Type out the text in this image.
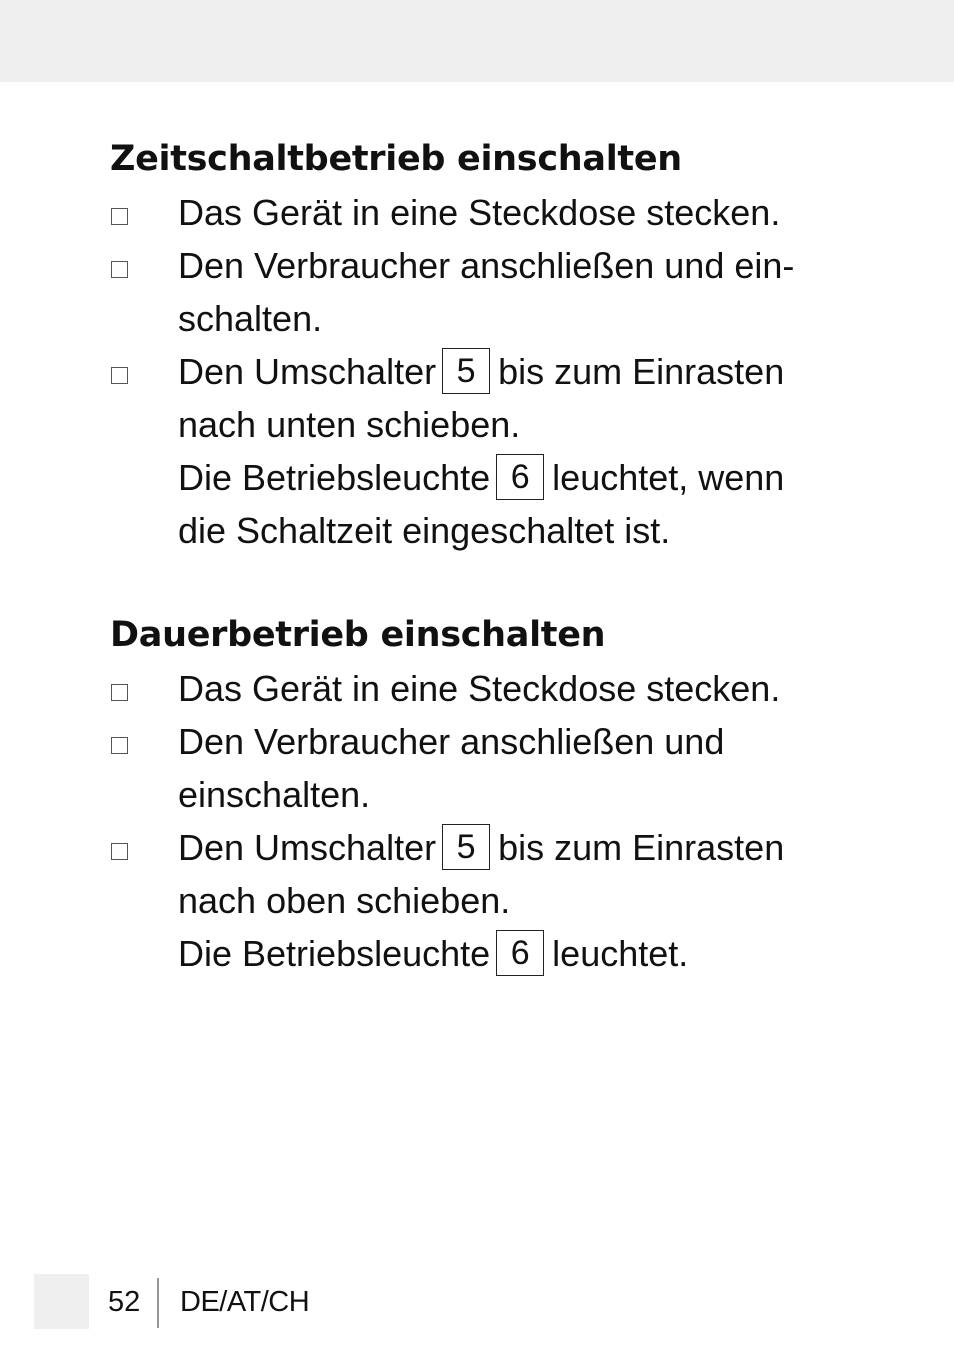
Zeitschaltbetrieb einschalten
Das Gerät in eine Steckdose stecken.
Den Verbraucher anschließen und ein-
schalten.
Den Umschalter 5 bis zum Einrasten
nach unten schieben.
Die Betriebsleuchte 6 leuchtet, wenn
die Schaltzeit eingeschaltet ist.
Dauerbetrieb einschalten
Das Gerät in eine Steckdose stecken.
Den Verbraucher anschließen und
einschalten.
Den Umschalter 5 bis zum Einrasten
nach oben schieben.
Die Betriebsleuchte 6 leuchtet.
52 DE/AT/CH
